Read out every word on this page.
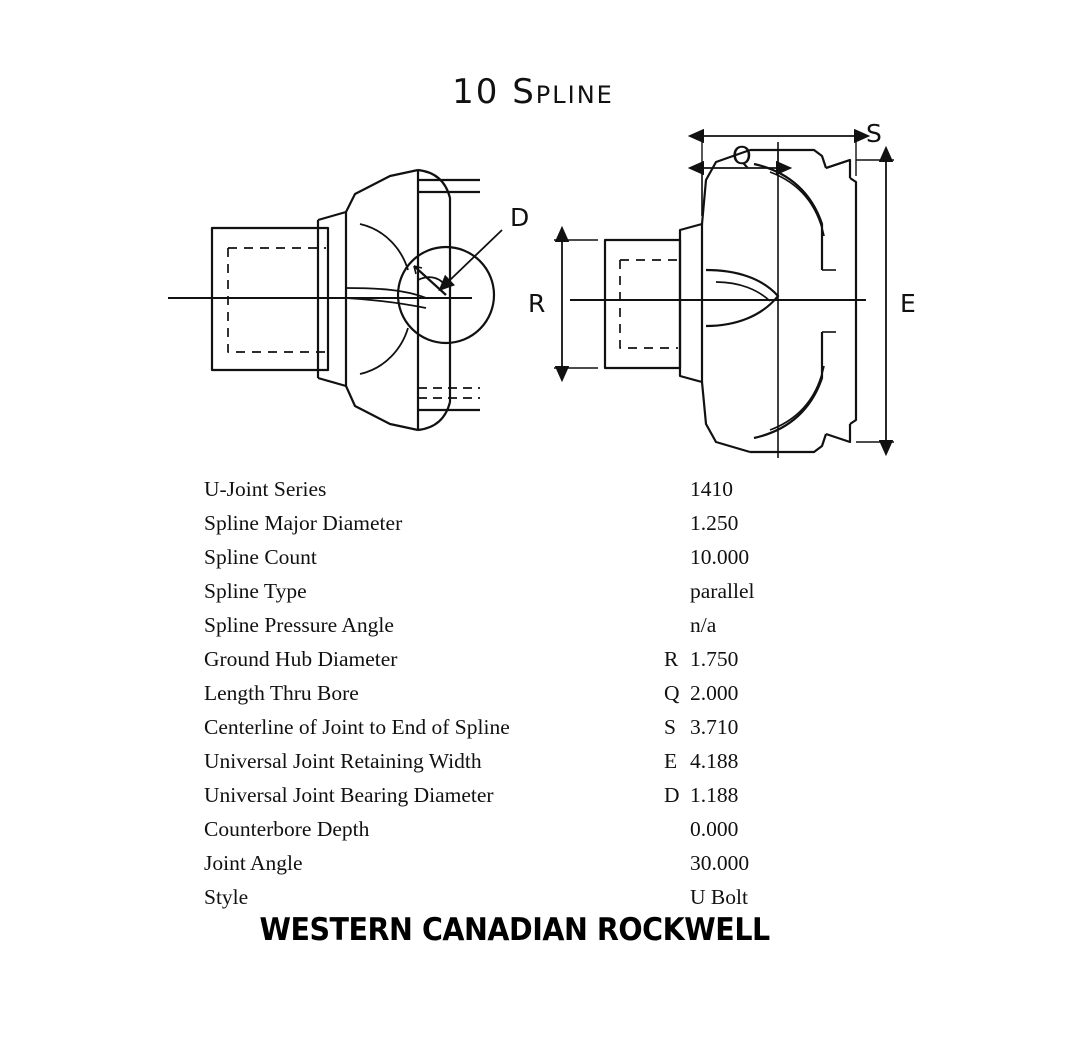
10 Spline
D
S
Q
R	E
U-Joint Series	1410
Spline Major Diameter	1.250
Spline Count	10.000
Spline Type	parallel
Spline Pressure Angle	n/a
Ground Hub Diameter	R 1.750
Length Thru Bore	Q 2.000
Centerline of Joint to End of Spline	S 3.710
Universal Joint Retaining Width	E 4.188
Universal Joint Bearing Diameter	D 1.188
Counterbore Depth	0.000
Joint Angle	30.000
Style	U Bolt
WESTERN CANADIAN ROCKWELL
